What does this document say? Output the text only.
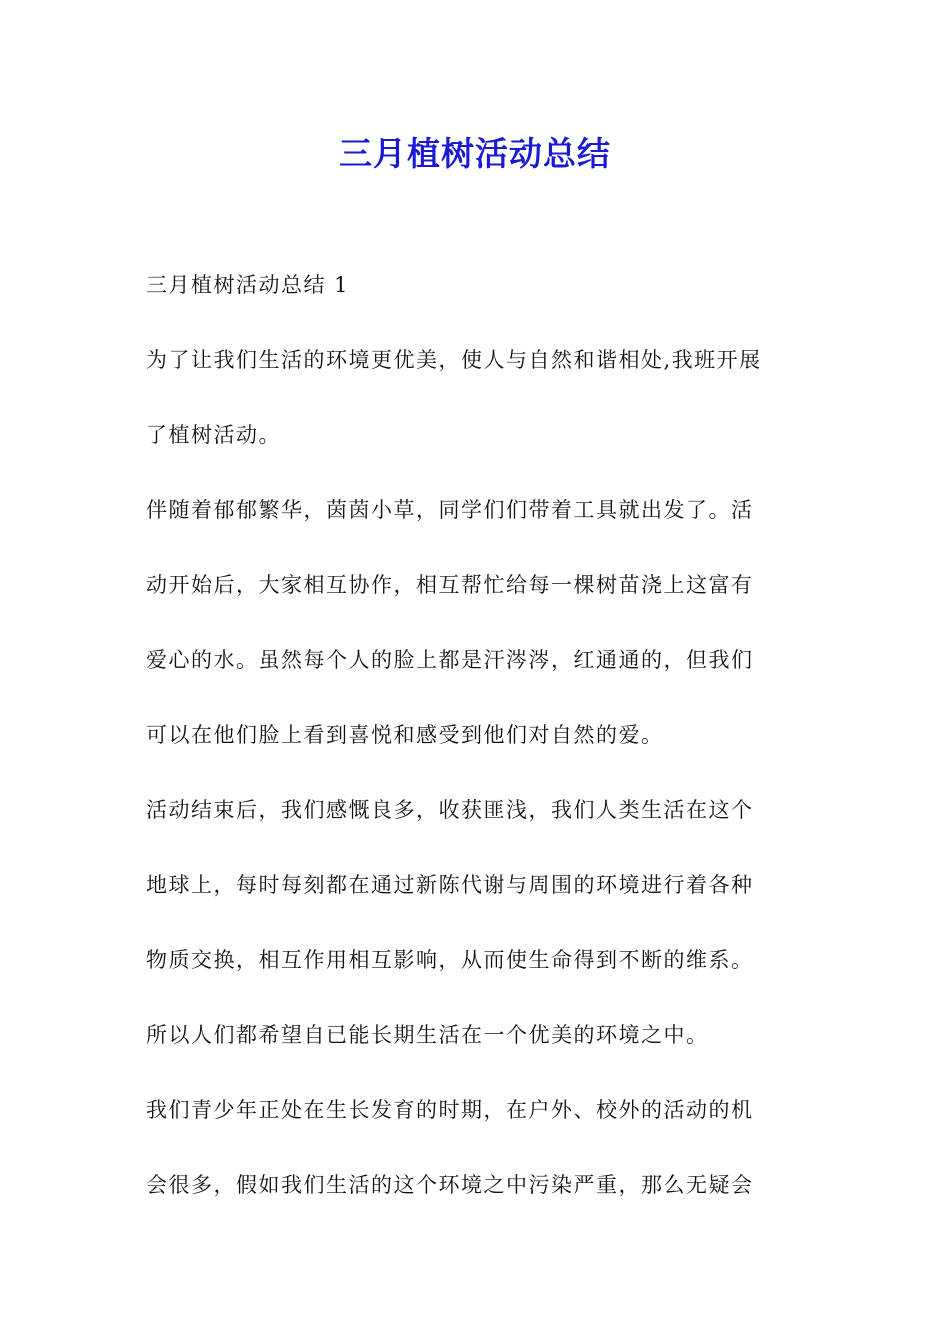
三月植树活动总结
三月植树活动总结 1
为了让我们生活的环境更优美，使人与自然和谐相处,我班开展
了植树活动。
伴随着郁郁繁华，茵茵小草，同学们们带着工具就出发了。活
动开始后，大家相互协作，相互帮忙给每一棵树苗浇上这富有
爱心的水。虽然每个人的脸上都是汗涔涔，红通通的，但我们
可以在他们脸上看到喜悦和感受到他们对自然的爱。
活动结束后，我们感慨良多，收获匪浅，我们人类生活在这个
地球上，每时每刻都在通过新陈代谢与周围的环境进行着各种
物质交换，相互作用相互影响，从而使生命得到不断的维系。
所以人们都希望自已能长期生活在一个优美的环境之中。
我们青少年正处在生长发育的时期，在户外、校外的活动的机
会很多，假如我们生活的这个环境之中污染严重，那么无疑会
